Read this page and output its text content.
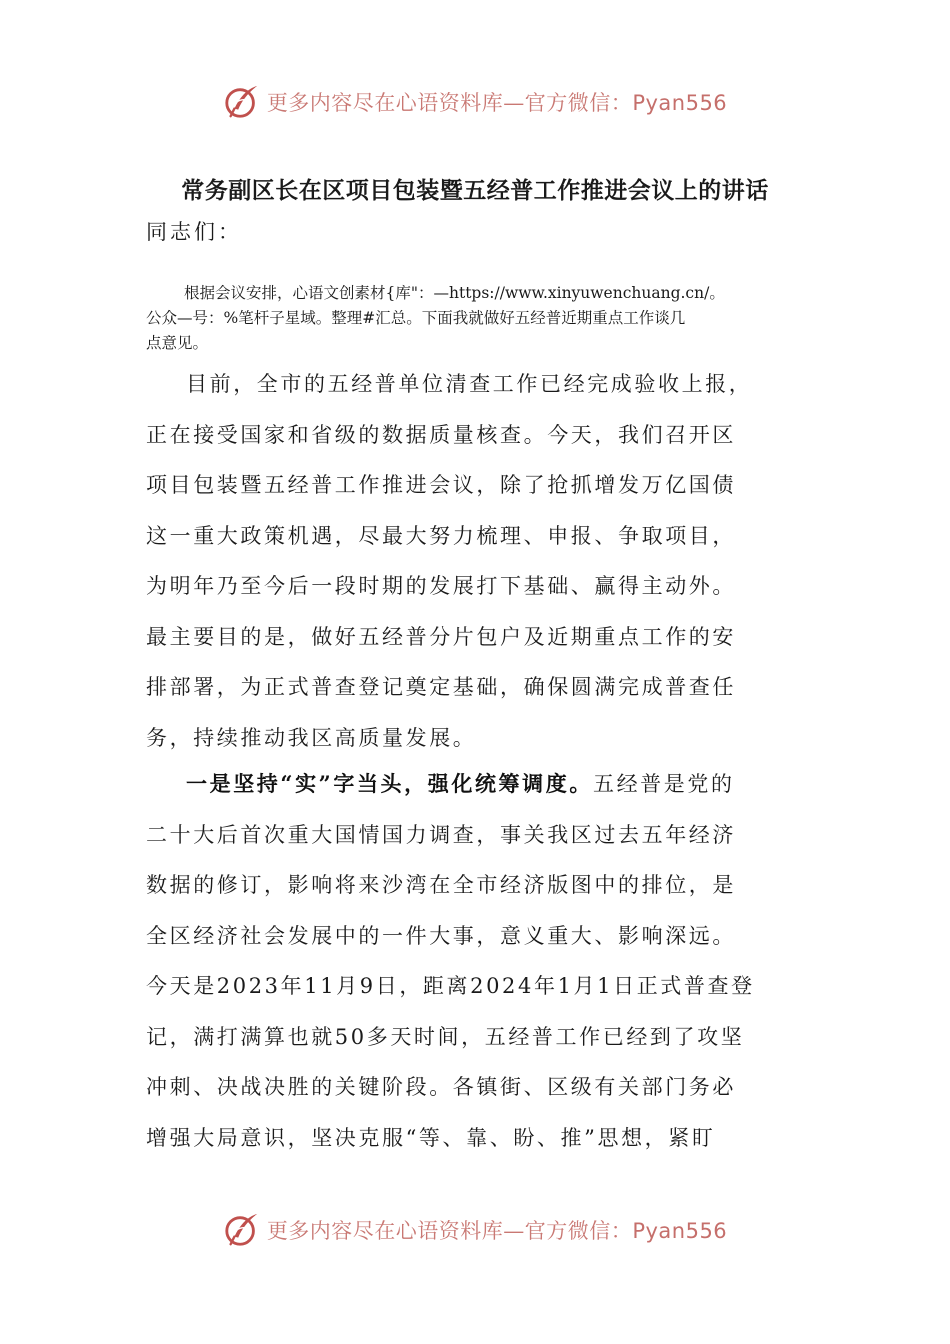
更多内容尽在心语资料库—官方微信：Pyan556
常务副区长在区项目包装暨五经普工作推进会议上的讲话

同志们：

根据会议安排，心语文创素材{库"：—https://www.xinyuwenchuang.cn/。
公众—号：%笔杆子星域。整理#汇总。下面我就做好五经普近期重点工作谈几
点意见。
目前，全市的五经普单位清查工作已经完成验收上报，
正在接受国家和省级的数据质量核查。今天，我们召开区
项目包装暨五经普工作推进会议，除了抢抓增发万亿国债
这一重大政策机遇，尽最大努力梳理、申报、争取项目，
为明年乃至今后一段时期的发展打下基础、赢得主动外。
最主要目的是，做好五经普分片包户及近期重点工作的安
排部署，为正式普查登记奠定基础，确保圆满完成普查任
务，持续推动我区高质量发展。
一是坚持“实”字当头，强化统筹调度。五经普是党的
二十大后首次重大国情国力调查，事关我区过去五年经济
数据的修订，影响将来沙湾在全市经济版图中的排位，是
全区经济社会发展中的一件大事，意义重大、影响深远。
今天是2023年11月9日，距离2024年1月1日正式普查登
记，满打满算也就50多天时间，五经普工作已经到了攻坚
冲刺、决战决胜的关键阶段。各镇街、区级有关部门务必
增强大局意识，坚决克服“等、靠、盼、推”思想，紧盯
更多内容尽在心语资料库—官方微信：Pyan556
